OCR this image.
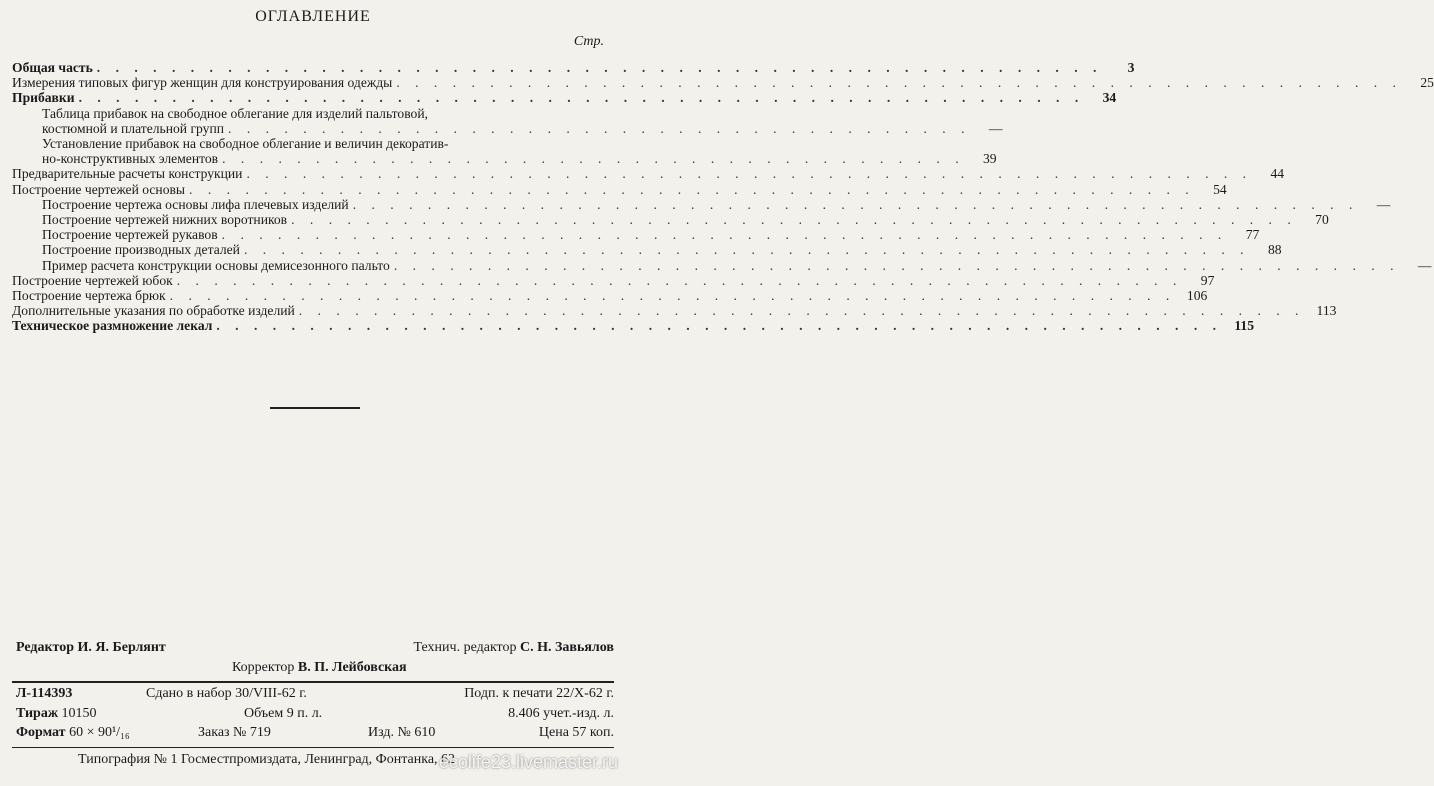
ОГЛАВЛЕНИЕ
Стр.
Общая часть . . . . . . . . . . . . . . . . . . . . . . . . . . . . . . . . . . . . . . . . . . . . . . . . . . . . . .	3
Измерения типовых фигур женщин для конструирования одежды . . . . . . . . . . . . . . . . . . . . . . . . . . . . . . . . . . . . . . . . . . . . . . . . . . . . . .	25
Прибавки . . . . . . . . . . . . . . . . . . . . . . . . . . . . . . . . . . . . . . . . . . . . . . . . . . . . . .	34
Таблица прибавок на свободное облегание для изделий пальтовой,
костюмной и плательной групп . . . . . . . . . . . . . . . . . . . . . . . . . . . . . . . . . . . . . . . .	—
Установление прибавок на свободное облегание и величин декоратив-
но-конструктивных элементов . . . . . . . . . . . . . . . . . . . . . . . . . . . . . . . . . . . . . . . .	39
Предварительные расчеты конструкции . . . . . . . . . . . . . . . . . . . . . . . . . . . . . . . . . . . . . . . . . . . . . . . . . . . . . .	44
Построение чертежей основы . . . . . . . . . . . . . . . . . . . . . . . . . . . . . . . . . . . . . . . . . . . . . . . . . . . . . .	54
Построение чертежа основы лифа плечевых изделий . . . . . . . . . . . . . . . . . . . . . . . . . . . . . . . . . . . . . . . . . . . . . . . . . . . . . .	—
Построение чертежей нижних воротников . . . . . . . . . . . . . . . . . . . . . . . . . . . . . . . . . . . . . . . . . . . . . . . . . . . . . .	70
Построение чертежей рукавов . . . . . . . . . . . . . . . . . . . . . . . . . . . . . . . . . . . . . . . . . . . . . . . . . . . . . .	77
Построение производных деталей . . . . . . . . . . . . . . . . . . . . . . . . . . . . . . . . . . . . . . . . . . . . . . . . . . . . . .	88
Пример расчета конструкции основы демисезонного пальто . . . . . . . . . . . . . . . . . . . . . . . . . . . . . . . . . . . . . . . . . . . . . . . . . . . . . .	—
Построение чертежей юбок . . . . . . . . . . . . . . . . . . . . . . . . . . . . . . . . . . . . . . . . . . . . . . . . . . . . . .	97
Построение чертежа брюк . . . . . . . . . . . . . . . . . . . . . . . . . . . . . . . . . . . . . . . . . . . . . . . . . . . . . . 106
Дополнительные указания по обработке изделий . . . . . . . . . . . . . . . . . . . . . . . . . . . . . . . . . . . . . . . . . . . . . . . . . . . . . . 113
Техническое размножение лекал . . . . . . . . . . . . . . . . . . . . . . . . . . . . . . . . . . . . . . . . . . . . . . . . . . . . . . 115
Редактор И. Я. Берлянт	Технич. редактор С. Н. Завьялов
Корректор В. П. Лейбовская
Л-114393	Сдано в набор 30/VIII-62 г.	Подп. к печати 22/X-62 г.
Тираж 10150	Объем 9 п. л.	8.406 учет.-изд. л.
Формат 60 × 90¹/₁₆	Заказ № 719	Изд. № 610	Цена 57 коп.
Типография № 1 Госместпромиздата, Ленинград, Фонтанка, 62
ecolife23.livemaster.ru
